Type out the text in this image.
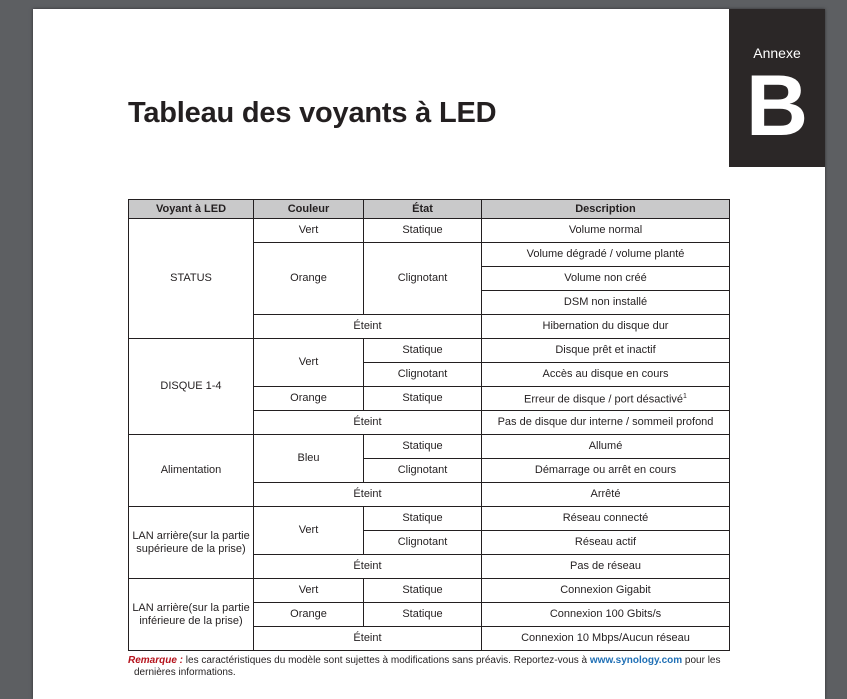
Annexe
B
Tableau des voyants à LED
Voyant à LED	Couleur	État	Description
STATUS	Vert	Statique	Volume normal
	Orange	Clignotant	Volume dégradé / volume planté
			Volume non créé
			DSM non installé
	Éteint		Hibernation du disque dur
DISQUE 1-4	Vert	Statique	Disque prêt et inactif
		Clignotant	Accès au disque en cours
	Orange	Statique	Erreur de disque / port désactivé$^1$
	Éteint		Pas de disque dur interne / sommeil profond
Alimentation	Bleu	Statique	Allumé
		Clignotant	Démarrage ou arrêt en cours
	Éteint		Arrêté
LAN arrière(sur la partie
supérieure de la prise)	Vert	Statique	Réseau connecté
		Clignotant	Réseau actif
	Éteint		Pas de réseau
LAN arrière(sur la partie
inférieure de la prise)	Vert	Statique	Connexion Gigabit
	Orange	Statique	Connexion 100 Gbits/s
	Éteint		Connexion 10 Mbps/Aucun réseau
Remarque : les caractéristiques du modèle sont sujettes à modifications sans préavis. Reportez-vous à www.synology.com pour les
dernières informations.
